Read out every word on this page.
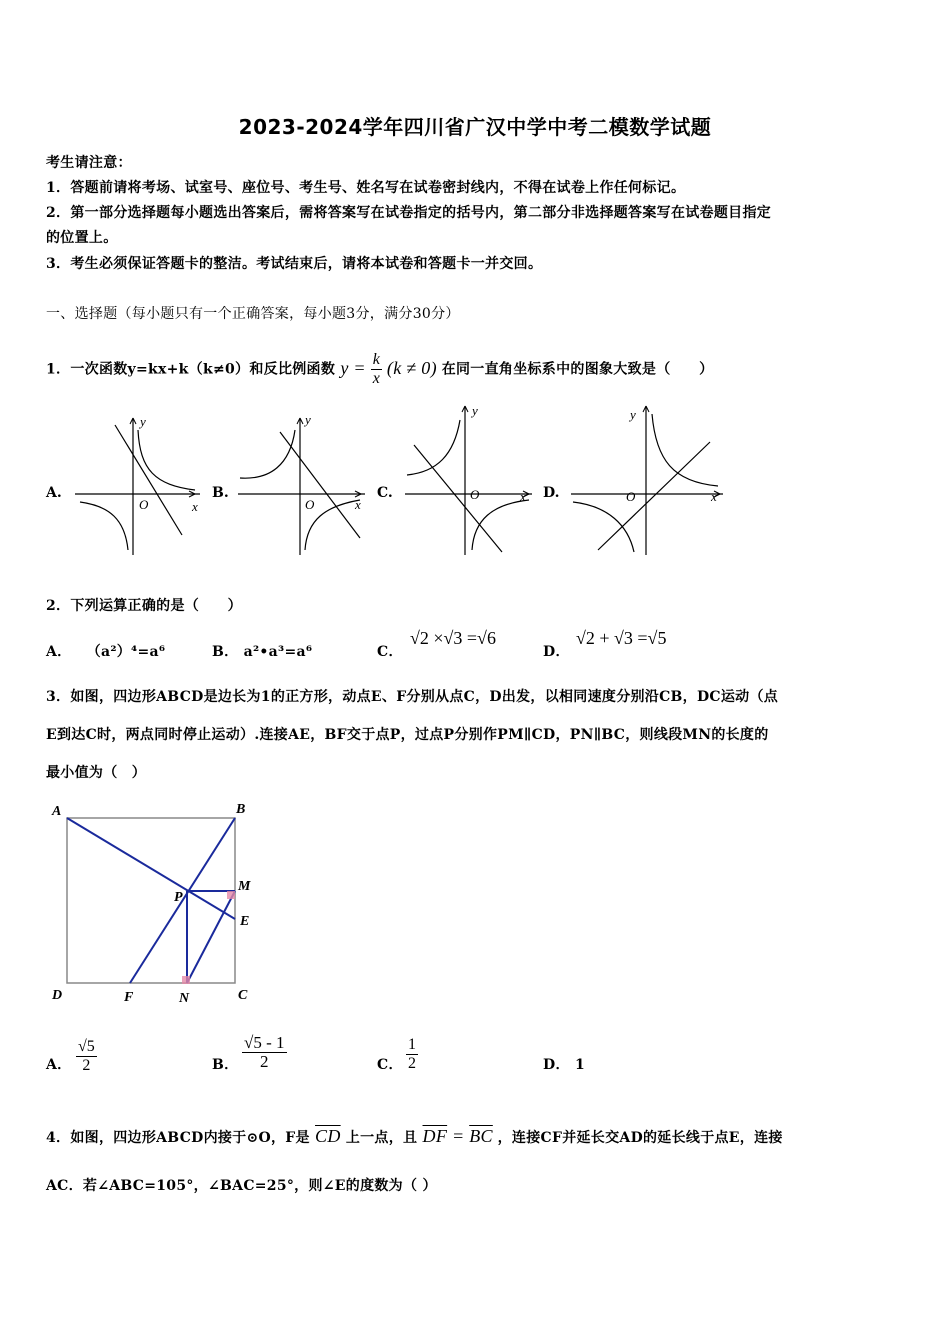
2023-2024学年四川省广汉中学中考二模数学试题
考生请注意：
1．答题前请将考场、试室号、座位号、考生号、姓名写在试卷密封线内，不得在试卷上作任何标记。
2．第一部分选择题每小题选出答案后，需将答案写在试卷指定的括号内，第二部分非选择题答案写在试卷题目指定
的位置上。
3．考生必须保证答题卡的整洁。考试结束后，请将本试卷和答题卡一并交回。
一、选择题（每小题只有一个正确答案，每小题3分，满分30分）
1．一次函数y=kx+k（k≠0）和反比例函数 $y = \frac{k}{x} (k \ne 0)$ 在同一直角坐标系中的图象大致是（　　）
A.	B.	C.	D.
y
x
O
y
x
O
y
x
O
y
x
O
2．下列运算正确的是（　　）
A． （a²）⁴=a⁶	B． a²•a³=a⁶	C．
√2 ×√3 =√6
D．
√2 + √3 =√5
3．如图，四边形ABCD是边长为1的正方形，动点E、F分别从点C，D出发，以相同速度分别沿CB，DC运动（点
E到达C时，两点同时停止运动）.连接AE，BF交于点P，过点P分别作PM∥CD，PN∥BC，则线段MN的长度的
最小值为（　）
A	B
C
D
E
F
M
N
P
A． $\frac{√5}{2}$	B． $\frac{√5 - 1}{2}$	C． $\frac{1}{2}$	D． 1
4．如图，四边形ABCD内接于⊙O，F是 $\overline{CD}$ 上一点，且 $\overline{DF} = \overline{BC}$ ，连接CF并延长交AD的延长线于点E，连接
AC．若∠ABC=105°，∠BAC=25°，则∠E的度数为（ ）
